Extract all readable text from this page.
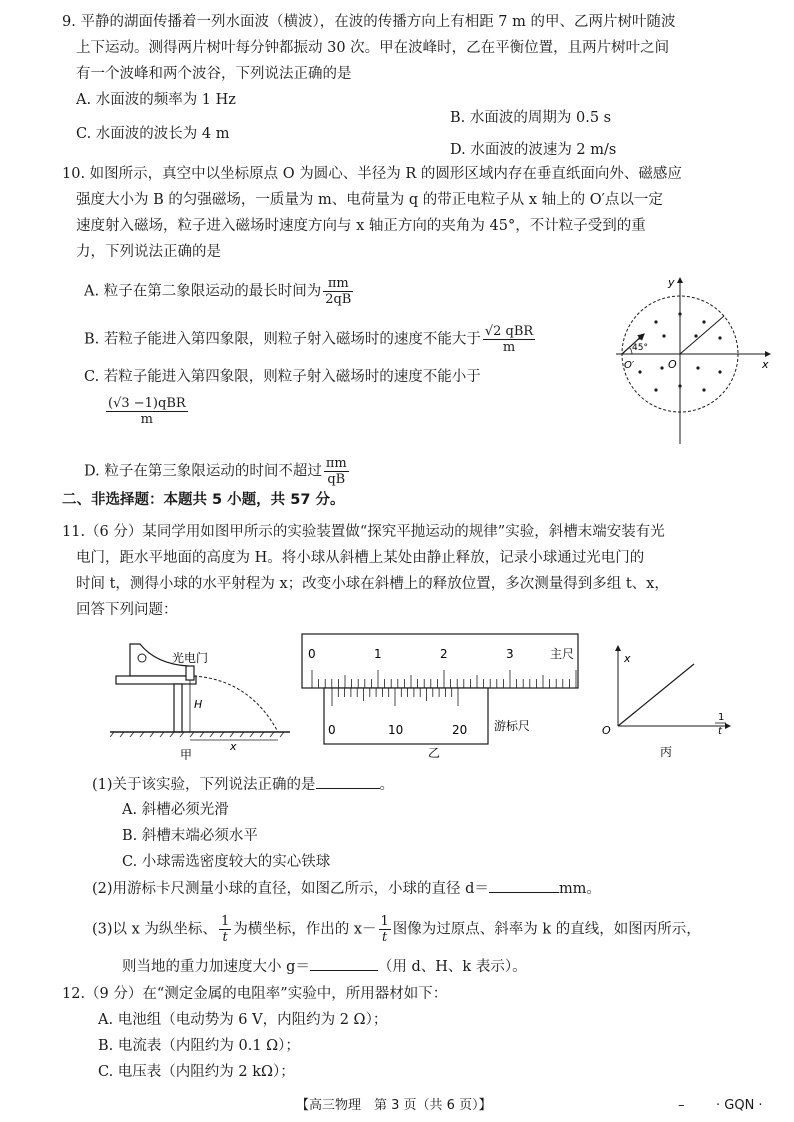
9. 平静的湖面传播着一列水面波（横波），在波的传播方向上有相距 7 m 的甲、乙两片树叶随波
上下运动。测得两片树叶每分钟都振动 30 次。甲在波峰时，乙在平衡位置，且两片树叶之间
有一个波峰和两个波谷，下列说法正确的是
A. 水面波的频率为 1 Hz
B. 水面波的周期为 0.5 s
C. 水面波的波长为 4 m
D. 水面波的波速为 2 m/s
10. 如图所示，真空中以坐标原点 O 为圆心、半径为 R 的圆形区域内存在垂直纸面向外、磁感应
强度大小为 B 的匀强磁场，一质量为 m、电荷量为 q 的带正电粒子从 x 轴上的 O′点以一定
速度射入磁场，粒子进入磁场时速度方向与 x 轴正方向的夹角为 45°，不计粒子受到的重
力，下列说法正确的是
A. 粒子在第二象限运动的最长时间为 $\frac{\pi m}{2qB}$
B. 若粒子能进入第四象限，则粒子射入磁场时的速度不能大于 $\frac{\text{√2 qBR}}{m}$
C. 若粒子能进入第四象限，则粒子射入磁场时的速度不能小于
$\frac{\text{(√3 −1)qBR}}{m}$
D. 粒子在第三象限运动的时间不超过 $\frac{\pi m}{qB}$
y
x
O
O′
45°
二、非选择题：本题共 5 小题，共 57 分。
11.（6 分）某同学用如图甲所示的实验装置做“探究平抛运动的规律”实验，斜槽末端安装有光
电门，距水平地面的高度为 H。将小球从斜槽上某处由静止释放，记录小球通过光电门的
时间 t，测得小球的水平射程为 x；改变小球在斜槽上的释放位置，多次测量得到多组 t、x，
回答下列问题：
光电门
H
x
甲
0	1	2	3	主尺
0	10	20 游标尺
乙
x
O
1
t
丙
(1)关于该实验，下列说法正确的是	。
A. 斜槽必须光滑
B. 斜槽末端必须水平
C. 小球需选密度较大的实心铁球
(2)用游标卡尺测量小球的直径，如图乙所示，小球的直径 d＝	mm。
(3)以 x 为纵坐标、 $\frac{1}{t}$ 为横坐标，作出的 $x- \frac{1}{t}$ 图像为过原点、斜率为 k 的直线，如图丙所示，
则当地的重力加速度大小 g＝	（用 d、H、k 表示）。
12.（9 分）在“测定金属的电阻率”实验中，所用器材如下：
A. 电池组（电动势为 6 V，内阻约为 2 Ω）；
B. 电流表（内阻约为 0.1 Ω）；
C. 电压表（内阻约为 2 kΩ）；
【高三物理　第 3 页（共 6 页）】	– · GQN ·
